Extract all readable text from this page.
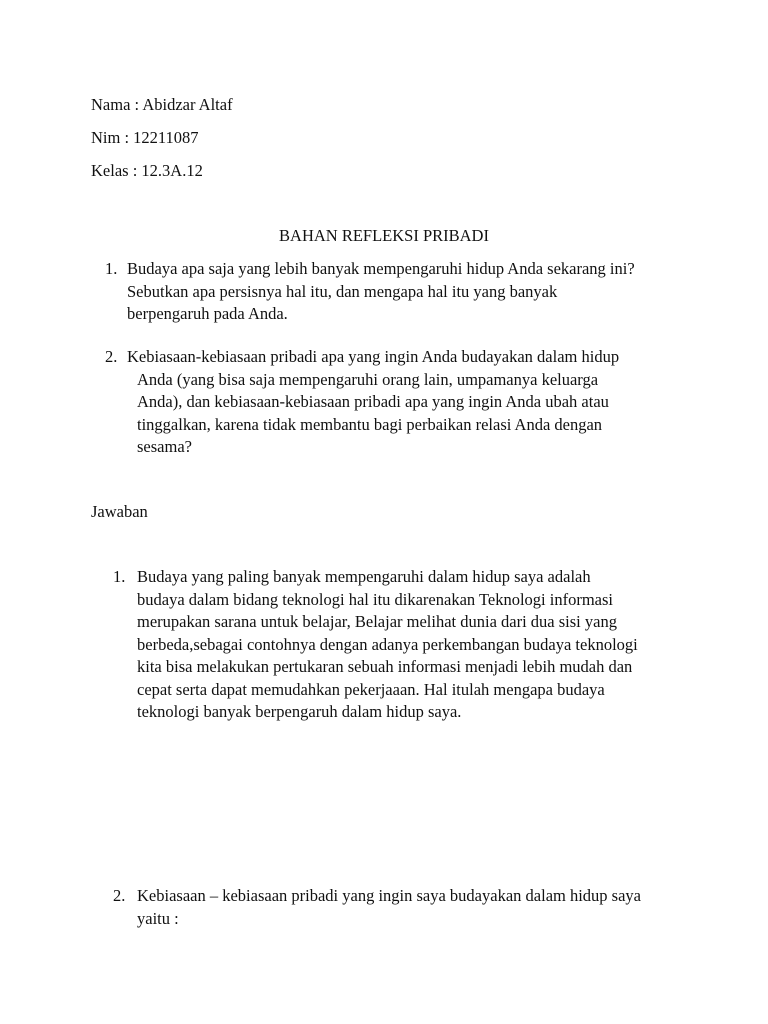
Nama : Abidzar Altaf
Nim : 12211087
Kelas : 12.3A.12
BAHAN REFLEKSI PRIBADI
1. Budaya apa saja yang lebih banyak mempengaruhi hidup Anda sekarang ini?
Sebutkan apa persisnya hal itu, dan mengapa hal itu yang banyak
berpengaruh pada Anda.
2. Kebiasaan-kebiasaan pribadi apa yang ingin Anda budayakan dalam hidup
Anda (yang bisa saja mempengaruhi orang lain, umpamanya keluarga
Anda), dan kebiasaan-kebiasaan pribadi apa yang ingin Anda ubah atau
tinggalkan, karena tidak membantu bagi perbaikan relasi Anda dengan
sesama?
Jawaban
1. Budaya yang paling banyak mempengaruhi dalam hidup saya adalah
budaya dalam bidang teknologi hal itu dikarenakan Teknologi informasi
merupakan sarana untuk belajar, Belajar melihat dunia dari dua sisi yang
berbeda,sebagai contohnya dengan adanya perkembangan budaya teknologi
kita bisa melakukan pertukaran sebuah informasi menjadi lebih mudah dan
cepat serta dapat memudahkan pekerjaaan. Hal itulah mengapa budaya
teknologi banyak berpengaruh dalam hidup saya.
2. Kebiasaan – kebiasaan pribadi yang ingin saya budayakan dalam hidup saya
yaitu :
